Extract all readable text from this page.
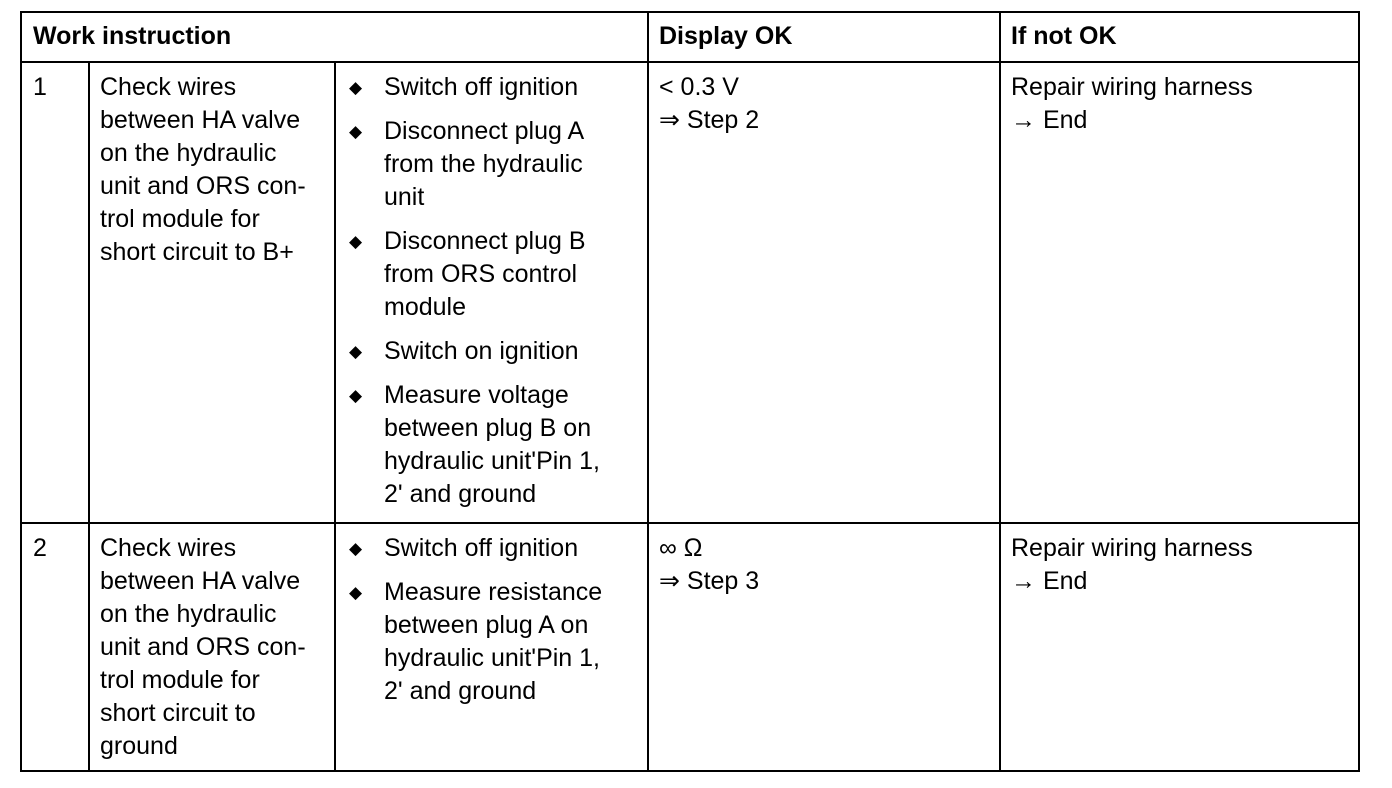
Work instruction	Display OK	If not OK
1 Check wires
between HA valve
on the hydraulic
unit and ORS con-
trol module for
short circuit to B+
◆ Switch off ignition
◆ Disconnect plug A
from the hydraulic
unit
◆ Disconnect plug B
from ORS control
module
◆ Switch on ignition
◆ Measure voltage
between plug B on
hydraulic unit'Pin 1,
2' and ground
< 0.3 V
⇒ Step 2
Repair wiring harness
→ End
2 Check wires
between HA valve
on the hydraulic
unit and ORS con-
trol module for
short circuit to
ground
◆ Switch off ignition
◆ Measure resistance
between plug A on
hydraulic unit'Pin 1,
2' and ground
∞ Ω
⇒ Step 3
Repair wiring harness
→ End
